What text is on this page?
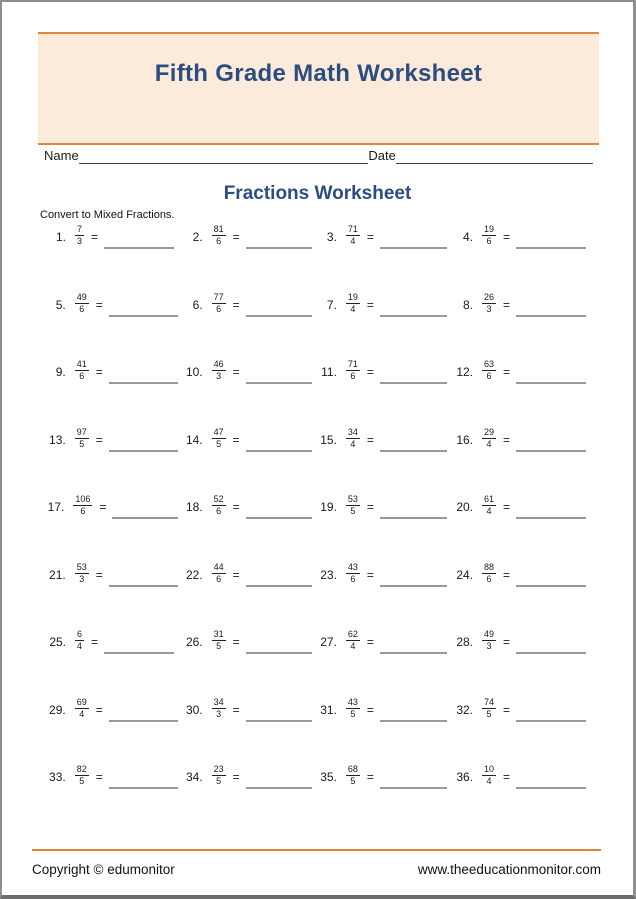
Fifth Grade Math Worksheet
Name	Date
Fractions Worksheet
Convert to Mixed Fractions.
1. $\frac{7}{3}$ =	2. $\frac{81}{6}$ =	3. $\frac{71}{4}$ =	4. $\frac{19}{6}$ =
5. $\frac{49}{6}$ =	6. $\frac{77}{6}$ =	7. $\frac{19}{4}$ =	8. $\frac{26}{3}$ =
9. $\frac{41}{6}$ =	10. $\frac{46}{3}$ =	11. $\frac{71}{6}$ =	12. $\frac{63}{6}$ =
13. $\frac{97}{5}$ =	14. $\frac{47}{5}$ =	15. $\frac{34}{4}$ =	16. $\frac{29}{4}$ =
17. $\frac{106}{6}$ =	18. $\frac{52}{6}$ =	19. $\frac{53}{5}$ =	20. $\frac{61}{4}$ =
21. $\frac{53}{3}$ =	22. $\frac{44}{6}$ =	23. $\frac{43}{6}$ =	24. $\frac{88}{6}$ =
25. $\frac{6}{4}$ =	26. $\frac{31}{5}$ =	27. $\frac{62}{4}$ =	28. $\frac{49}{3}$ =
29. $\frac{69}{4}$ =	30. $\frac{34}{3}$ =	31. $\frac{43}{5}$ =	32. $\frac{74}{5}$ =
33. $\frac{82}{5}$ =	34. $\frac{23}{5}$ =	35. $\frac{68}{5}$ =	36. $\frac{10}{4}$ =
Copyright © edumonitor	www.theeducationmonitor.com
